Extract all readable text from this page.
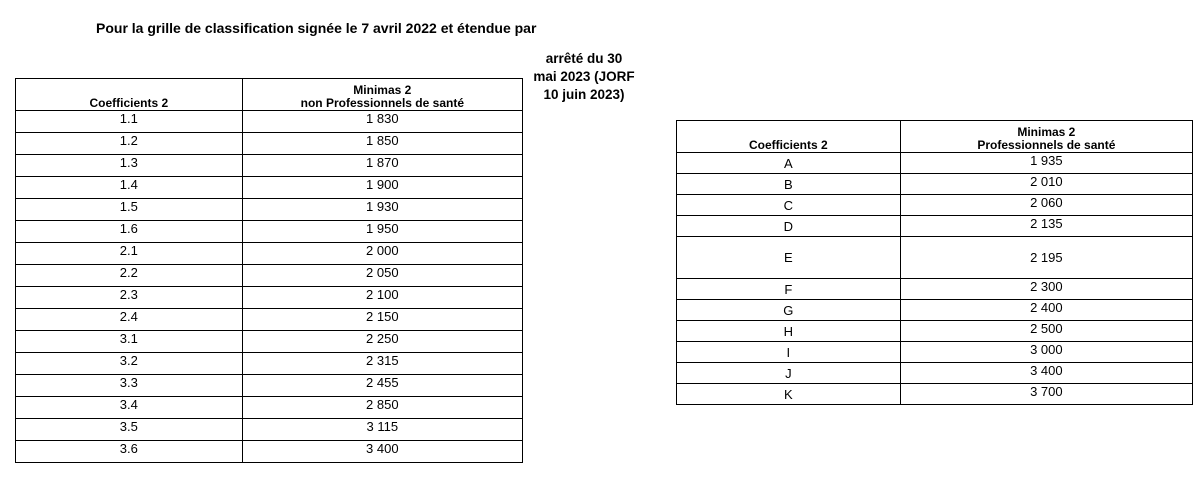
Pour la grille de classification signée le 7 avril 2022 et étendue par
arrêté du 30
mai 2023 (JORF
10 juin 2023)
Coefficients 2	Minimas 2
non Professionnels de santé

1.1	1 830
1.2	1 850
1.3	1 870
1.4	1 900
1.5	1 930
1.6	1 950
2.1	2 000
2.2	2 050
2.3	2 100
2.4	2 150
3.1	2 250
3.2	2 315
3.3	2 455
3.4	2 850
3.5	3 115
3.6	3 400
Coefficients 2	Minimas 2
Professionnels de santé

A	1 935
B	2 010
C	2 060
D	2 135
E	2 195
F	2 300
G	2 400
H	2 500
I	3 000
J	3 400
K	3 700
